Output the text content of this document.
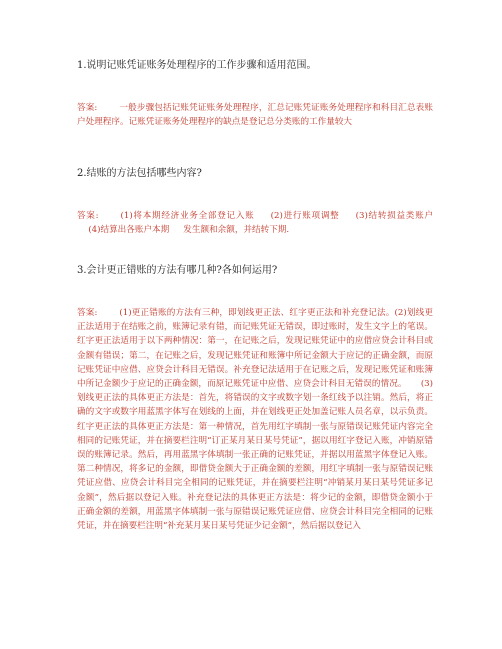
1.说明记账凭证账务处理程序的工作步骤和适用范围。

答案:	一般步骤包括记账凭证账务处理程序，汇总记账凭证账务处理程序和科目汇总表账户处理程序。记账凭证账务处理程序的缺点是登记总分类账的工作量较大

2.结账的方法包括哪些内容?

答案:	(1)将本期经济业务全部登记入账 　 (2)进行账项调整 　 (3)结转损益类账户 　 (4)结算出各账户本期 　 发生额和余额，并结转下期.

3.会计更正错账的方法有哪几种?各如何运用?

答案:	(1)更正错账的方法有三种，即划线更正法、红字更正法和补充登记法。(2)划线更正法适用于在结账之前，账簿记录有错，而记账凭证无错误，即过账时，发生文字上的笔误。红字更正法适用于以下两种情况：第一，在记账之后，发现记账凭证中的应借应贷会计科目或金额有错误；第二，在记账之后，发现记账凭证和账簿中所记金额大于应记的正确金额，而原记账凭证中应借、应贷会计科目无错误。补充登记法适用于在记账之后，发现记账凭证和账簿中所记金额少于应记的正确金额，而原记账凭证中应借、应贷会计科目无错误的情况。 　 (3)划线更正法的具体更正方法是：首先，将错误的文字或数字划一条红线予以注销。然后，将正确的文字或数字用蓝黑字体写在划线的上面，并在划线更正处加盖记账人员名章，以示负责。红字更正法的具体更正方法是：第一种情况，首先用红字填制一张与原错误记账凭证内容完全相同的记账凭证，并在摘要栏注明“订正某月某日某号凭证”，据以用红字登记入账，冲销原错误的账簿记录。然后，再用蓝黑字体填制一张正确的记账凭证，并据以用蓝黑字体登记入账。第二种情况，将多记的金额，即借贷金额大于正确金额的差额，用红字填制一张与原错误记账凭证应借、应贷会计科目完全相同的记账凭证，并在摘要栏注明“冲销某月某日某号凭证多记金额”，然后据以登记入账。补充登记法的具体更正方法是：将少记的金额，即借贷金额小于正确金额的差额，用蓝黑字体填制一张与原错误记账凭证应借、应贷会计科目完全相同的记账凭证，并在摘要栏注明“补充某月某日某号凭证少记金额”，然后据以登记入
